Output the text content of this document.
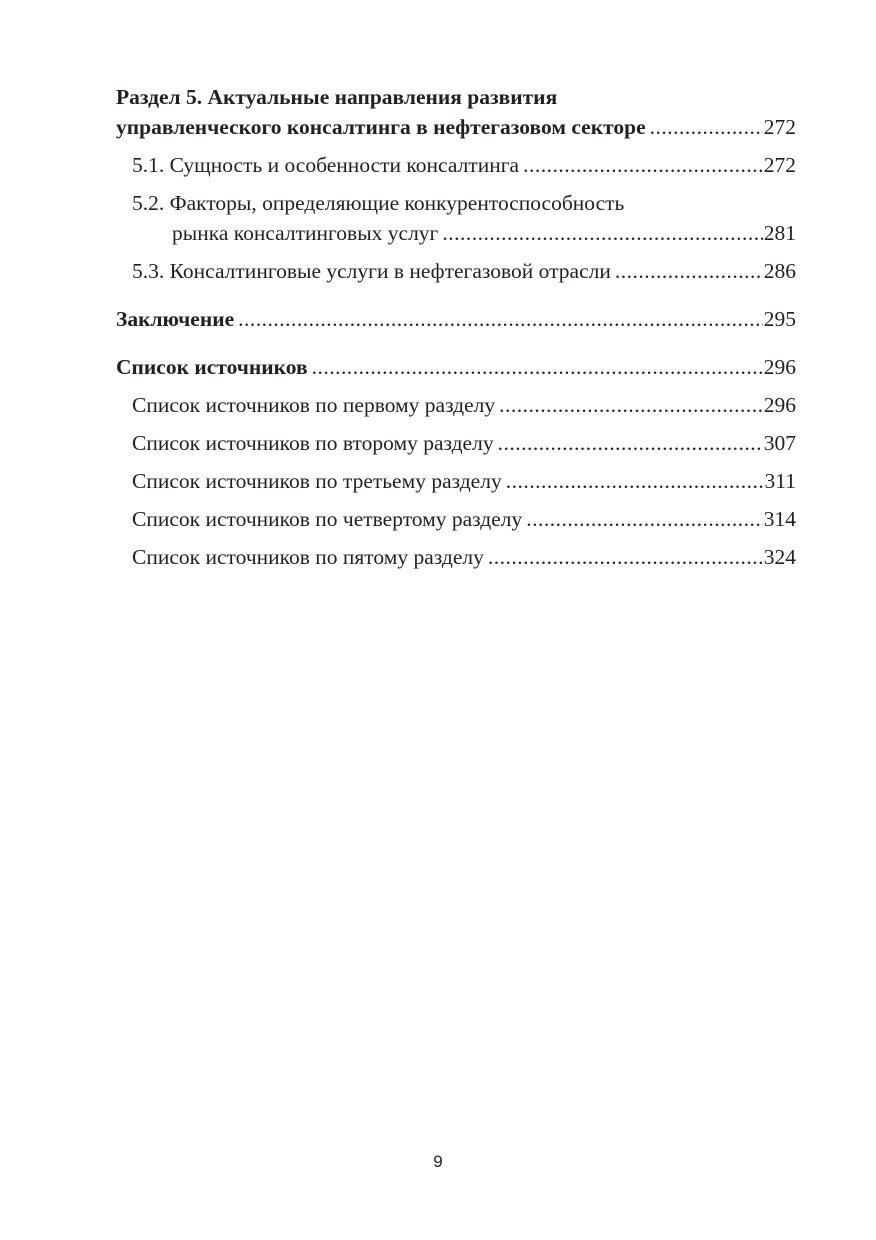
Раздел 5. Актуальные направления развития
управленческого консалтинга в нефтегазовом секторе .....	272
5.1. Сущность и особенности консалтинга .....	272
5.2. Факторы, определяющие конкурентоспособность
рынка консалтинговых услуг .....	281
5.3. Консалтинговые услуги в нефтегазовой отрасли .....	286
Заключение .....	295
Список источников .....	296
Список источников по первому разделу .....	296
Список источников по второму разделу .....	307
Список источников по третьему разделу .....	311
Список источников по четвертому разделу .....	314
Список источников по пятому разделу .....	324
9
